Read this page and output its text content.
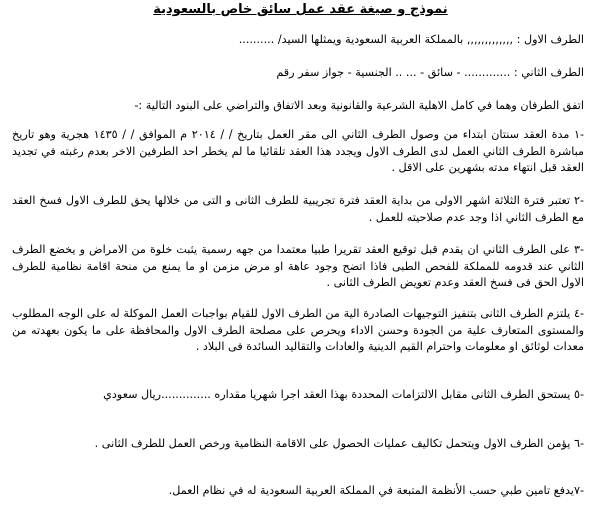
نموذج و صيغة عقد عمل سائق خاص بالسعودية
الطرف الاول : ,,,,,,,,,,,,, بالمملكة العربية السعودية ويمثلها السيد/ ..........
الطرف الثاني : ............. - سائق - ... .. الجنسية - جواز سفر رقم
اتفق الطرفان وهما في كامل الاهلية الشرعية والقانونية وبعد الاتفاق والتراضي على البنود التالية :-
-١ مدة العقد سنتان ابتداء من وصول الطرف الثاني الى مقر العمل بتاريخ / / ٢٠١٤ م الموافق / / ١٤٣٥ هجرية وهو تاريخ مباشرة الطرف الثاني العمل لدى الطرف الاول ويجدد هذا العقد تلقائيا ما لم يخطر احد الطرفين الاخر بعدم رغبته في تجديد العقد قبل انتهاء مدته بشهرين على الاقل .
-٢ تعتبر فترة الثلاثة اشهر الاولى من بداية العقد فترة تجريبية للطرف الثانى و التى من خلالها يحق للطرف الاول فسخ العقد مع الطرف الثاني اذا وجد عدم صلاحيته للعمل .
-٣ على الطرف الثاني ان يقدم قبل توقيع العقد تقريرا طبيا معتمدا من جهه رسمية يثبت خلوة من الامراض و يخضع الطرف الثاني عند قدومه للمملكة للفحص الطبى فاذا اتضح وجود عاهة او مرض مزمن او ما يمنع من منحة اقامة نظامية للطرف الاول الحق فى فسخ العقد وعدم تعويض الطرف الثانى .
-٤ يلتزم الطرف الثانى بتنفيز التوجيهات الصادرة الية من الطرف الاول للقيام بواجبات العمل الموكلة له على الوجه المطلوب والمستوى المتعارف علية من الجودة وحسن الاداء ويحرص على مصلحة الطرف الاول والمحافظة على ما يكون بعهدته من معدات لوثائق او معلومات واحترام القيم الدينية والعادات والتقاليد السائدة فى البلاد .
-٥ يستحق الطرف الثانى مقابل الالتزامات المحددة بهذا العقد اجرا شهريا مقداره ..............ريال سعودي
-٦ يؤمن الطرف الاول ويتحمل تكاليف عمليات الحصول على الاقامة النظامية ورخص العمل للطرف الثانى .
-٧يدفع تامين طبي حسب الأنظمة المتبعة في المملكة العربية السعودية له في نظام العمل.
